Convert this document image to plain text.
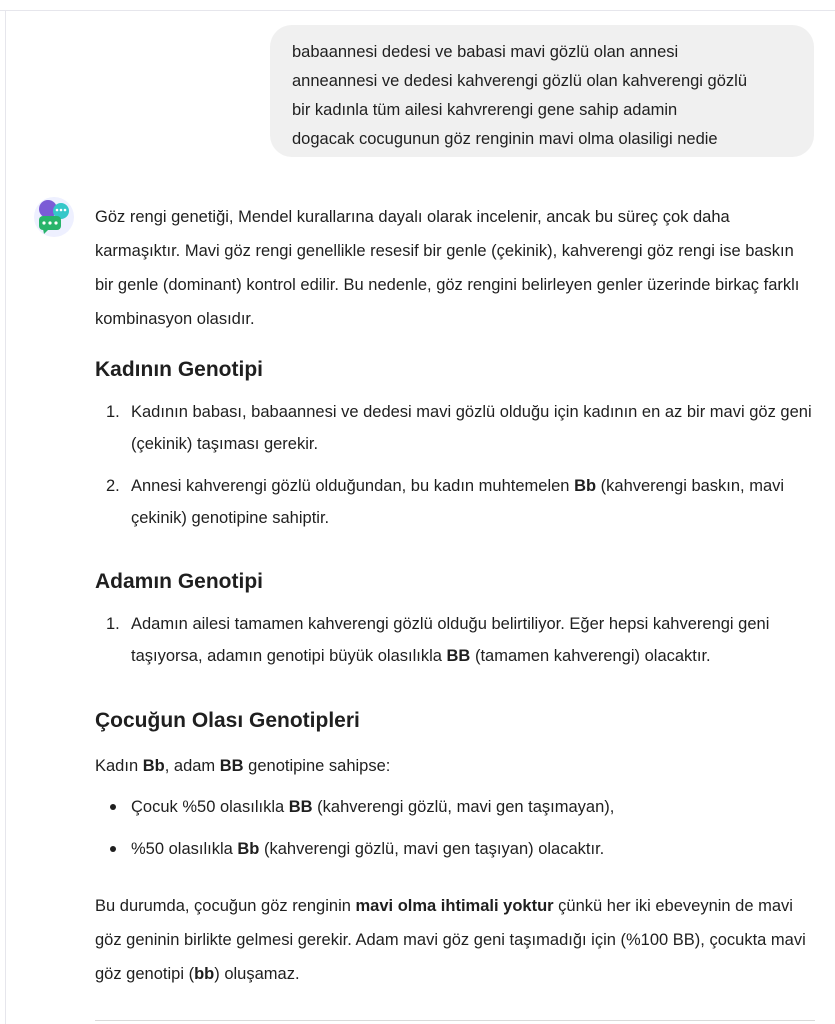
babaannesi dedesi ve babasi mavi gözlü olan annesi
anneannesi ve dedesi kahverengi gözlü olan kahverengi gözlü
bir kadınla tüm ailesi kahvrerengi gene sahip adamin
dogacak cocugunun göz renginin mavi olma olasiligi nedie

Göz rengi genetiği, Mendel kurallarına dayalı olarak incelenir, ancak bu süreç çok daha karmaşıktır. Mavi göz rengi genellikle resesif bir genle (çekinik), kahverengi göz rengi ise baskın bir genle (dominant) kontrol edilir. Bu nedenle, göz rengini belirleyen genler üzerinde birkaç farklı kombinasyon olasıdır.

Kadının Genotipi
1. Kadının babası, babaannesi ve dedesi mavi gözlü olduğu için kadının en az bir mavi göz geni (çekinik) taşıması gerekir.
2. Annesi kahverengi gözlü olduğundan, bu kadın muhtemelen Bb (kahverengi baskın, mavi çekinik) genotipine sahiptir.
Adamın Genotipi
1. Adamın ailesi tamamen kahverengi gözlü olduğu belirtiliyor. Eğer hepsi kahverengi geni taşıyorsa, adamın genotipi büyük olasılıkla BB (tamamen kahverengi) olacaktır.
Çocuğun Olası Genotipleri

Kadın Bb, adam BB genotipine sahipse:

Çocuk %50 olasılıkla BB (kahverengi gözlü, mavi gen taşımayan),
%50 olasılıkla Bb (kahverengi gözlü, mavi gen taşıyan) olacaktır.

Bu durumda, çocuğun göz renginin mavi olma ihtimali yoktur çünkü her iki ebeveynin de mavi göz geninin birlikte gelmesi gerekir. Adam mavi göz geni taşımadığı için (%100 BB), çocukta mavi göz genotipi (bb) oluşamaz.
